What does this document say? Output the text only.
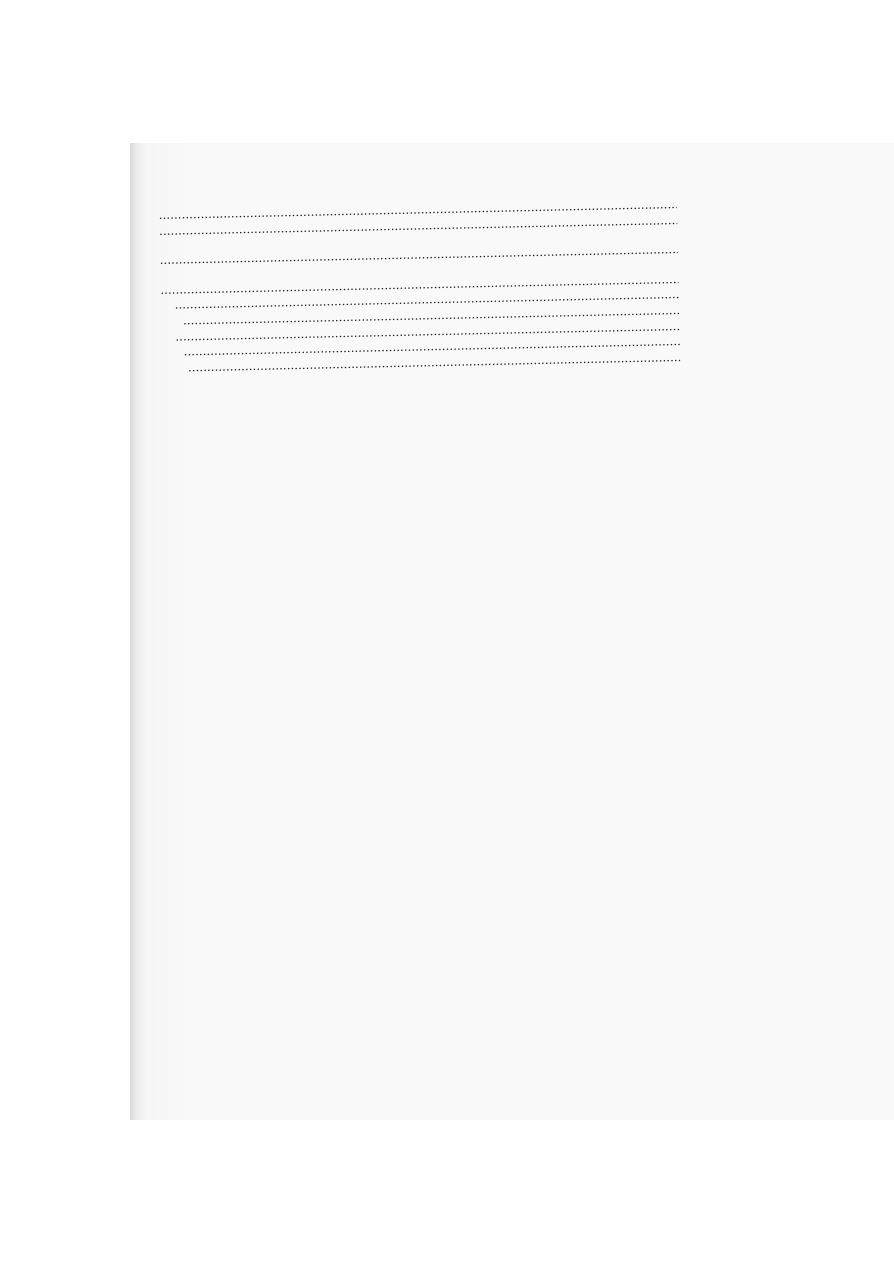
.....
.....
.....
.....
.....
.....
.....
.....
.....
